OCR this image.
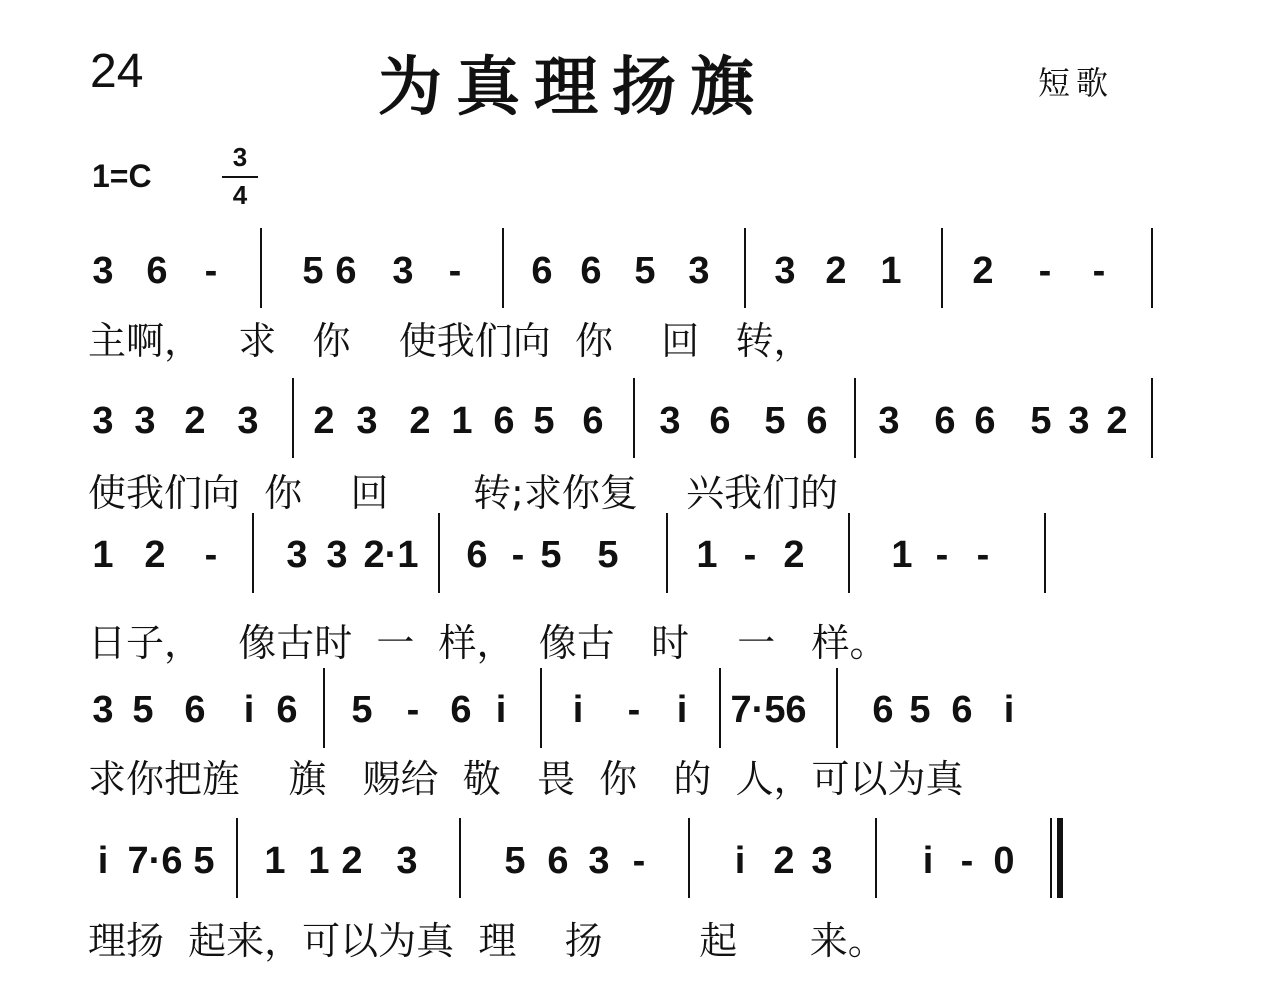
24	为真理扬旗	短歌
1=C
3
4
3 6 - 5 6 3 - 6 6 5 3 3 2 1 2 - -
3 3 2 3 2 3 2 1 6 5 6 3 6 5 6 3 6 6 5 3 2
1 2 - 3 3 2·1 6 - 5 5 1 - 2 1 - -
3 5 6 i 6 5 - 6 i i - i 7·5 6 6 5 6 i
i 7·6 5 1 1 2 3 5 6 3 - i 2 3 i - 0
主啊，   求   你    使我们向  你    回   转，
使我们向  你    回       转;求你复    兴我们的
日子，   像古时  一  样，  像古   时    一   样。
求你把旌    旗   赐给  敬   畏  你   的  人，可以为真
理扬  起来，可以为真  理    扬        起      来。
